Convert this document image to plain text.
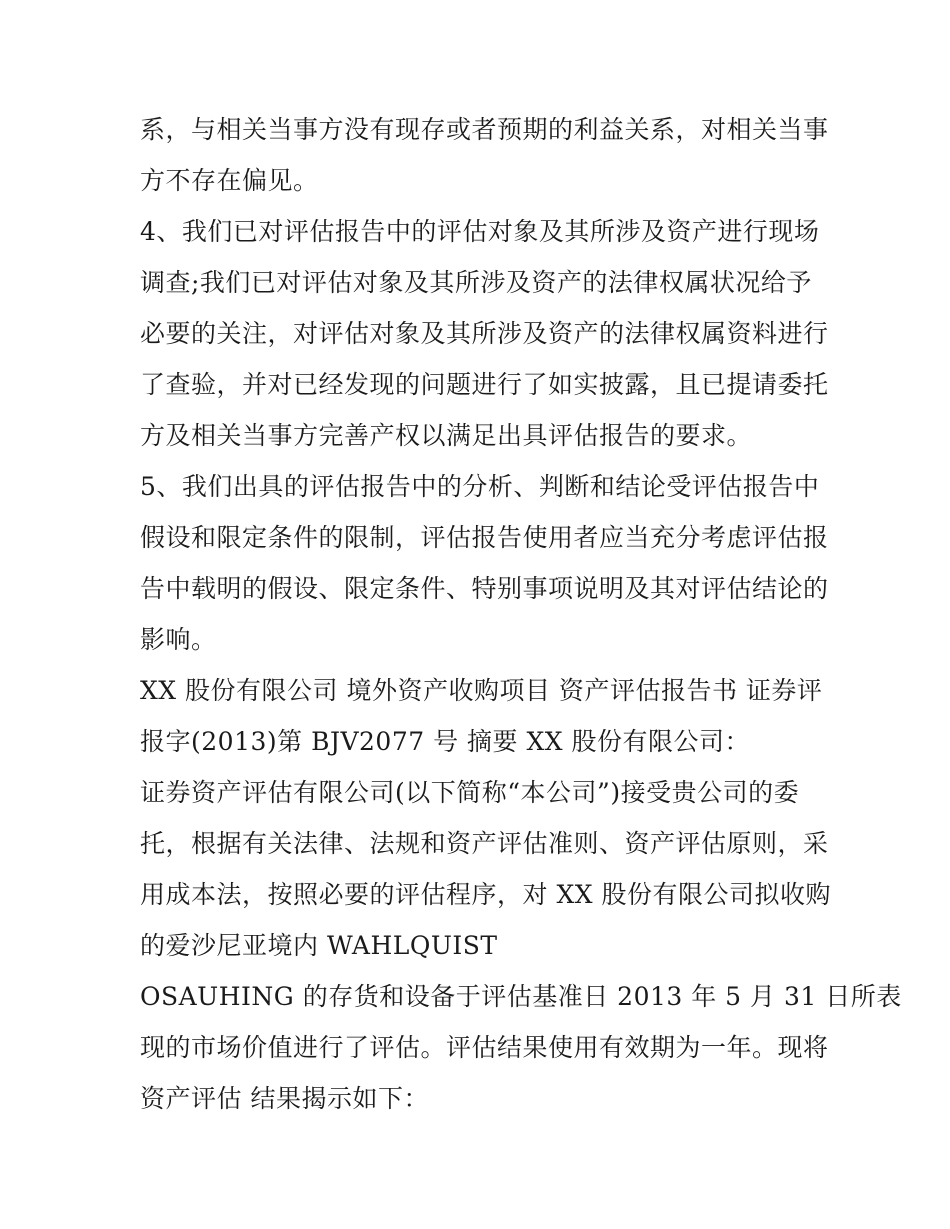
系，与相关当事方没有现存或者预期的利益关系，对相关当事
方不存在偏见。
4、我们已对评估报告中的评估对象及其所涉及资产进行现场
调查;我们已对评估对象及其所涉及资产的法律权属状况给予
必要的关注，对评估对象及其所涉及资产的法律权属资料进行
了查验，并对已经发现的问题进行了如实披露，且已提请委托
方及相关当事方完善产权以满足出具评估报告的要求。
5、我们出具的评估报告中的分析、判断和结论受评估报告中
假设和限定条件的限制，评估报告使用者应当充分考虑评估报
告中载明的假设、限定条件、特别事项说明及其对评估结论的
影响。
XX 股份有限公司 境外资产收购项目 资产评估报告书 证券评
报字(2013)第 BJV2077 号 摘要 XX 股份有限公司：
证券资产评估有限公司(以下简称“本公司”)接受贵公司的委
托，根据有关法律、法规和资产评估准则、资产评估原则，采
用成本法，按照必要的评估程序，对 XX 股份有限公司拟收购
的爱沙尼亚境内 WAHLQUIST
OSAUHING 的存货和设备于评估基准日 2013 年 5 月 31 日所表
现的市场价值进行了评估。评估结果使用有效期为一年。现将
资产评估 结果揭示如下：
